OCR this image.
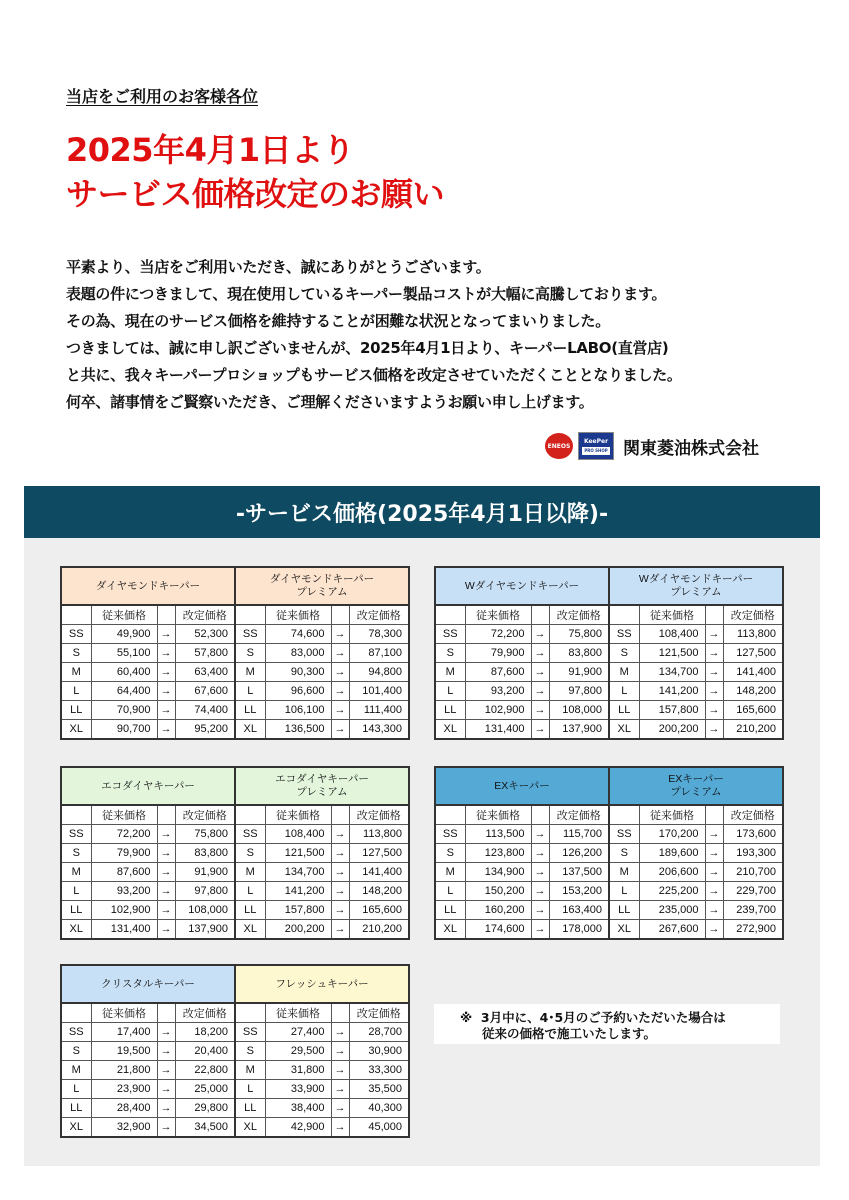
当店をご利用のお客様各位
2025年4月1日より
サービス価格改定のお願い
平素より、当店をご利用いただき、誠にありがとうございます。
表題の件につきまして、現在使用しているキーパー製品コストが大幅に高騰しております。
その為、現在のサービス価格を維持することが困難な状況となってまいりました。
つきましては、誠に申し訳ございませんが、2025年4月1日より、キーパーLABO(直営店)
と共に、我々キーパープロショップもサービス価格を改定させていただくこととなりました。
何卒、諸事情をご賢察いただき、ご理解くださいますようお願い申し上げます。
ENEOS
KeePer
PRO SHOP 関東菱油株式会社
-サービス価格(2025年4月1日以降)-
ダイヤモンドキーパー				ダイヤモンドキーパー
プレミアム			

	従来価格		改定価格		従来価格		改定価格
SS	49,900	→	52,300	SS	74,600	→	78,300
S	55,100	→	57,800	S	83,000	→	87,100
M	60,400	→	63,400	M	90,300	→	94,800
L	64,400	→	67,600	L	96,600	→	101,400
LL	70,900	→	74,400	LL	106,100	→	111,400
XL	90,700	→	95,200	XL	136,500	→	143,300
Wダイヤモンドキーパー				Wダイヤモンドキーパー
プレミアム			

	従来価格		改定価格		従来価格		改定価格
SS	72,200	→	75,800	SS	108,400	→	113,800
S	79,900	→	83,800	S	121,500	→	127,500
M	87,600	→	91,900	M	134,700	→	141,400
L	93,200	→	97,800	L	141,200	→	148,200
LL	102,900	→	108,000	LL	157,800	→	165,600
XL	131,400	→	137,900	XL	200,200	→	210,200
エコダイヤキーパー				エコダイヤキーパー
プレミアム			

	従来価格		改定価格		従来価格		改定価格
SS	72,200	→	75,800	SS	108,400	→	113,800
S	79,900	→	83,800	S	121,500	→	127,500
M	87,600	→	91,900	M	134,700	→	141,400
L	93,200	→	97,800	L	141,200	→	148,200
LL	102,900	→	108,000	LL	157,800	→	165,600
XL	131,400	→	137,900	XL	200,200	→	210,200
EXキーパー				EXキーパー
プレミアム			

	従来価格		改定価格		従来価格		改定価格
SS	113,500	→	115,700	SS	170,200	→	173,600
S	123,800	→	126,200	S	189,600	→	193,300
M	134,900	→	137,500	M	206,600	→	210,700
L	150,200	→	153,200	L	225,200	→	229,700
LL	160,200	→	163,400	LL	235,000	→	239,700
XL	174,600	→	178,000	XL	267,600	→	272,900
クリスタルキーパー				フレッシュキーパー			

	従来価格		改定価格		従来価格		改定価格
SS	17,400	→	18,200	SS	27,400	→	28,700
S	19,500	→	20,400	S	29,500	→	30,900
M	21,800	→	22,800	M	31,800	→	33,300
L	23,900	→	25,000	L	33,900	→	35,500
LL	28,400	→	29,800	LL	38,400	→	40,300
XL	32,900	→	34,500	XL	42,900	→	45,000
※ 3月中に、4･5月のご予約いただいた場合は
従来の価格で施工いたします。
